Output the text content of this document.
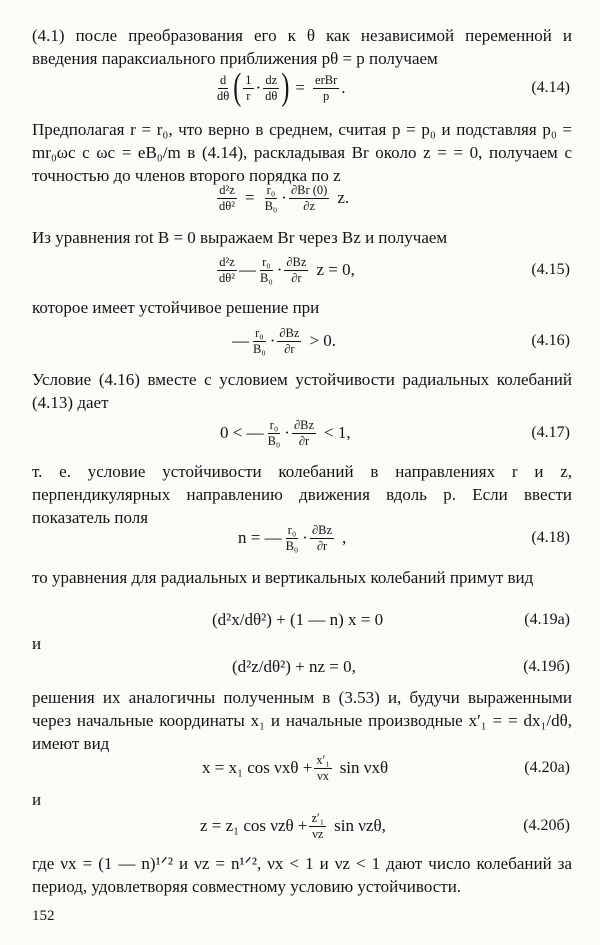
(4.1) после преобразования его к θ как независимой переменной и введения параксиального приближения pθ = p получаем
$\frac{d}{d\theta}$ ( $\frac{1}{r} \cdot \frac{dz}{d\theta}$ ) = $\frac{\text{erBr}}{p}$ .	(4.14)
Предполагая r = r₀, что верно в среднем, считая p = p₀ и подставляя p₀ = mr₀ωc с ωc = eB₀/m в (4.14), раскладывая Br около z = = 0, получаем с точностью до членов второго порядка по z
$\frac{\text{d²z}}{\text{dθ²}} = \frac{\text{r₀}}{\text{B₀}} \cdot \frac{\partial Br (0)}{\partial z} z$.
Из уравнения rot B = 0 выражаем Br через Bz и получаем
$\frac{\text{d²z}}{\text{dθ²}}$ — $\frac{\text{r₀}}{\text{B₀}} \cdot \frac{\partial Bz}{\partial r}$ z = 0,	(4.15)
которое имеет устойчивое решение при
— $\frac{\text{r₀}}{\text{B₀}} \cdot \frac{\partial Bz}{\partial r} > 0$.	(4.16)
Условие (4.16) вместе с условием устойчивости радиальных колебаний (4.13) дает
0 < — $\frac{\text{r₀}}{\text{B₀}} \cdot \frac{\partial Bz}{\partial r} < 1$,	(4.17)
т. е. условие устойчивости колебаний в направлениях r и z, перпендикулярных направлению движения вдоль p. Если ввести показатель поля
n = — $\frac{\text{r₀}}{\text{B₀}} \cdot \frac{\partial Bz}{\partial r}$ ,	(4.18)
то уравнения для радиальных и вертикальных колебаний примут вид
(d²x/dθ²) + (1 — n) x = 0	(4.19a)
и
(d²z/dθ²) + nz = 0,	(4.19б)
решения их аналогичны полученным в (3.53) и, будучи выраженными через начальные координаты x₁ и начальные производные x′₁ = = dx₁/dθ, имеют вид
x = x₁ $\cos \nu x\theta + \frac{\text{x′₁}}{\nu x}$ sin νxθ	(4.20a)
и
z = z₁ $\cos \nu z\theta + \frac{\text{z′₁}}{\nu z}$ sin νzθ,	(4.20б)
где νx = (1 — n)¹ᐟ² и νz = n¹ᐟ², νx < 1 и νz < 1 дают число колебаний за период, удовлетворяя совместному условию устойчивости.
152
